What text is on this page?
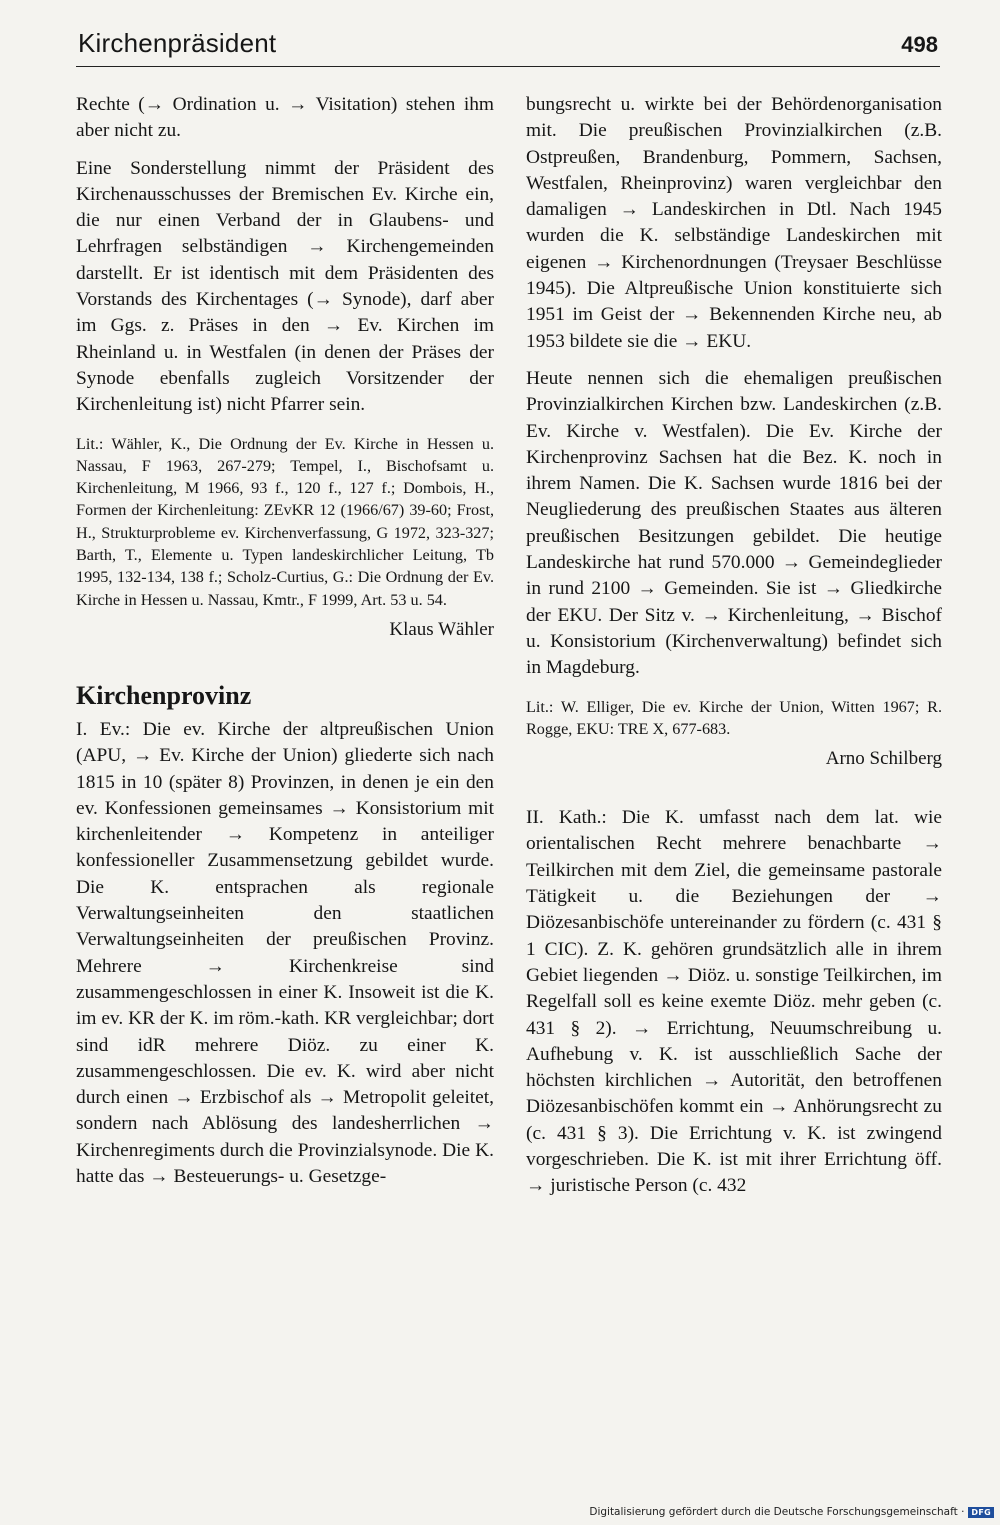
Kirchenpräsident	498

Rechte (→ Ordination u. → Visitation) stehen ihm aber nicht zu.

Eine Sonderstellung nimmt der Präsident des Kirchenausschusses der Bremischen Ev. Kirche ein, die nur einen Verband der in Glaubens- und Lehrfragen selbständigen → Kirchengemeinden darstellt. Er ist identisch mit dem Präsidenten des Vorstands des Kirchentages (→ Synode), darf aber im Ggs. z. Präses in den → Ev. Kirchen im Rheinland u. in Westfalen (in denen der Präses der Synode ebenfalls zugleich Vorsitzender der Kirchenleitung ist) nicht Pfarrer sein.

Lit.: Wähler, K., Die Ordnung der Ev. Kirche in Hessen u. Nassau, F 1963, 267-279; Tempel, I., Bischofsamt u. Kirchenleitung, M 1966, 93 f., 120 f., 127 f.; Dombois, H., Formen der Kirchenleitung: ZEvKR 12 (1966/67) 39-60; Frost, H., Strukturprobleme ev. Kirchenverfassung, G 1972, 323-327; Barth, T., Elemente u. Typen landeskirchlicher Leitung, Tb 1995, 132-134, 138 f.; Scholz-Curtius, G.: Die Ordnung der Ev. Kirche in Hessen u. Nassau, Kmtr., F 1999, Art. 53 u. 54.

Klaus Wähler

Kirchenprovinz

I. Ev.: Die ev. Kirche der altpreußischen Union (APU, → Ev. Kirche der Union) gliederte sich nach 1815 in 10 (später 8) Provinzen, in denen je ein den ev. Konfessionen gemeinsames → Konsistorium mit kirchenleitender → Kompetenz in anteiliger konfessioneller Zusammensetzung gebildet wurde. Die K. entsprachen als regionale Verwaltungseinheiten den staatlichen Verwaltungseinheiten der preußischen Provinz. Mehrere → Kirchenkreise sind zusammengeschlossen in einer K. Insoweit ist die K. im ev. KR der K. im röm.-kath. KR vergleichbar; dort sind idR mehrere Diöz. zu einer K. zusammengeschlossen. Die ev. K. wird aber nicht durch einen → Erzbischof als → Metropolit geleitet, sondern nach Ablösung des landesherrlichen → Kirchenregiments durch die Provinzialsynode. Die K. hatte das → Besteuerungs- u. Gesetzge-

bungsrecht u. wirkte bei der Behördenorganisation mit. Die preußischen Provinzialkirchen (z.B. Ostpreußen, Brandenburg, Pommern, Sachsen, Westfalen, Rheinprovinz) waren vergleichbar den damaligen → Landeskirchen in Dtl. Nach 1945 wurden die K. selbständige Landeskirchen mit eigenen → Kirchenordnungen (Treysaer Beschlüsse 1945). Die Altpreußische Union konstituierte sich 1951 im Geist der → Bekennenden Kirche neu, ab 1953 bildete sie die → EKU.

Heute nennen sich die ehemaligen preußischen Provinzialkirchen Kirchen bzw. Landeskirchen (z.B. Ev. Kirche v. Westfalen). Die Ev. Kirche der Kirchenprovinz Sachsen hat die Bez. K. noch in ihrem Namen. Die K. Sachsen wurde 1816 bei der Neugliederung des preußischen Staates aus älteren preußischen Besitzungen gebildet. Die heutige Landeskirche hat rund 570.000 → Gemeindeglieder in rund 2100 → Gemeinden. Sie ist → Gliedkirche der EKU. Der Sitz v. → Kirchenleitung, → Bischof u. Konsistorium (Kirchenverwaltung) befindet sich in Magdeburg.

Lit.: W. Elliger, Die ev. Kirche der Union, Witten 1967; R. Rogge, EKU: TRE X, 677-683.

Arno Schilberg

II. Kath.: Die K. umfasst nach dem lat. wie orientalischen Recht mehrere benachbarte → Teilkirchen mit dem Ziel, die gemeinsame pastorale Tätigkeit u. die Beziehungen der → Diözesanbischöfe untereinander zu fördern (c. 431 § 1 CIC). Z. K. gehören grundsätzlich alle in ihrem Gebiet liegenden → Diöz. u. sonstige Teilkirchen, im Regelfall soll es keine exemte Diöz. mehr geben (c. 431 § 2). → Errichtung, Neuumschreibung u. Aufhebung v. K. ist ausschließlich Sache der höchsten kirchlichen → Autorität, den betroffenen Diözesanbischöfen kommt ein → Anhörungsrecht zu (c. 431 § 3). Die Errichtung v. K. ist zwingend vorgeschrieben. Die K. ist mit ihrer Errichtung öff. → juristische Person (c. 432

Digitalisierung gefördert durch die Deutsche Forschungsgemeinschaft · DFG
